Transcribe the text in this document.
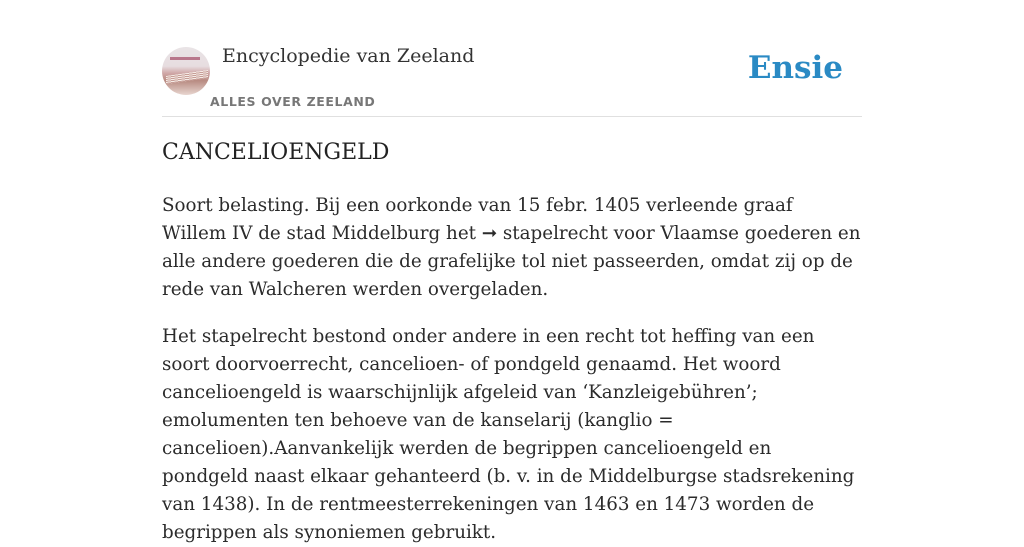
Encyclopedie van Zeeland
ALLES OVER ZEELAND
Ensie
CANCELIOENGELD

Soort belasting. Bij een oorkonde van 15 febr. 1405 verleende graaf Willem IV de stad Middelburg het ➞ stapelrecht voor Vlaamse goederen en alle andere goederen die de grafelijke tol niet passeerden, omdat zij op de rede van Walcheren werden overgeladen.

Het stapelrecht bestond onder andere in een recht tot heffing van een soort doorvoerrecht, cancelioen- of pondgeld genaamd. Het woord cancelioengeld is waarschijnlijk afgeleid van ‘Kanzleigebühren’; emolumenten ten behoeve van de kanselarij (kanglio = cancelioen).Aanvankelijk werden de begrippen cancelioengeld en pondgeld naast elkaar gehanteerd (b. v. in de Middelburgse stadsrekening van 1438). In de rentmeesterrekeningen van 1463 en 1473 worden de begrippen als synoniemen gebruikt.
